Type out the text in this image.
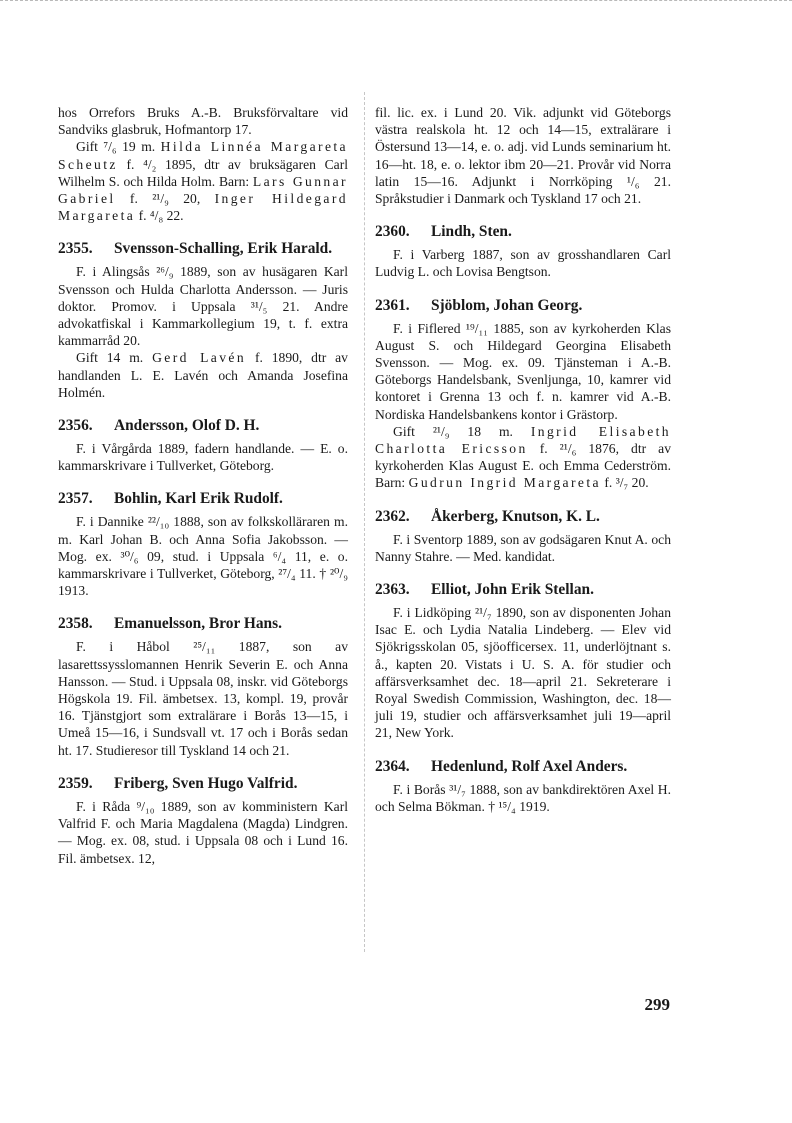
hos Orrefors Bruks A.-B. Bruksförvaltare vid Sandviks glasbruk, Hofmantorp 17.

Gift ⁷/₆ 19 m. Hilda Linnéa Margareta Scheutz f. ⁴/₂ 1895, dtr av bruksägaren Carl Wilhelm S. och Hilda Holm. Barn: Lars Gunnar Gabriel f. ²¹/₉ 20, Inger Hildegard Margareta f. ⁴/₈ 22.

2355.	Svensson-Schalling, Erik Harald.

F. i Alingsås ²⁶/₉ 1889, son av husägaren Karl Svensson och Hulda Charlotta Andersson. — Juris doktor. Promov. i Uppsala ³¹/₅ 21. Andre advokatfiskal i Kammarkollegium 19, t. f. extra kammarråd 20.

Gift 14 m. Gerd Lavén f. 1890, dtr av handlanden L. E. Lavén och Amanda Josefina Holmén.

2356.	Andersson, Olof D. H.

F. i Vårgårda 1889, fadern handlande. — E. o. kammarskrivare i Tullverket, Göteborg.

2357.	Bohlin, Karl Erik Rudolf.

F. i Dannike ²²/₁₀ 1888, son av folkskolläraren m. m. Karl Johan B. och Anna Sofia Jakobsson. — Mog. ex. ³⁰/₆ 09, stud. i Uppsala ⁶/₄ 11, e. o. kammarskrivare i Tullverket, Göteborg, ²⁷/₄ 11. † ²⁰/₉ 1913.

2358.	Emanuelsson, Bror Hans.

F. i Håbol ²⁵/₁₁ 1887, son av lasarettssysslomannen Henrik Severin E. och Anna Hansson. — Stud. i Uppsala 08, inskr. vid Göteborgs Högskola 19. Fil. ämbetsex. 13, kompl. 19, provår 16. Tjänstgjort som extralärare i Borås 13—15, i Umeå 15—16, i Sundsvall vt. 17 och i Borås sedan ht. 17. Studieresor till Tyskland 14 och 21.

2359.	Friberg, Sven Hugo Valfrid.

F. i Råda ⁹/₁₀ 1889, son av komministern Karl Valfrid F. och Maria Magdalena (Magda) Lindgren. — Mog. ex. 08, stud. i Uppsala 08 och i Lund 16. Fil. ämbetsex. 12,

fil. lic. ex. i Lund 20. Vik. adjunkt vid Göteborgs västra realskola ht. 12 och 14—15, extralärare i Östersund 13—14, e. o. adj. vid Lunds seminarium ht. 16—ht. 18, e. o. lektor ibm 20—21. Provår vid Norra latin 15—16. Adjunkt i Norrköping ¹/₆ 21. Språkstudier i Danmark och Tyskland 17 och 21.

2360.	Lindh, Sten.

F. i Varberg 1887, son av grosshandlaren Carl Ludvig L. och Lovisa Bengtson.

2361.	Sjöblom, Johan Georg.

F. i Fiflered ¹⁹/₁₁ 1885, son av kyrkoherden Klas August S. och Hildegard Georgina Elisabeth Svensson. — Mog. ex. 09. Tjänsteman i A.-B. Göteborgs Handelsbank, Svenljunga, 10, kamrer vid kontoret i Grenna 13 och f. n. kamrer vid A.-B. Nordiska Handelsbankens kontor i Grästorp.

Gift ²¹/₉ 18 m. Ingrid Elisabeth Charlotta Ericsson f. ²¹/₆ 1876, dtr av kyrkoherden Klas August E. och Emma Cederström. Barn: Gudrun Ingrid Margareta f. ³/₇ 20.

2362.	Åkerberg, Knutson, K. L.

F. i Sventorp 1889, son av godsägaren Knut A. och Nanny Stahre. — Med. kandidat.

2363.	Elliot, John Erik Stellan.

F. i Lidköping ²¹/₇ 1890, son av disponenten Johan Isac E. och Lydia Natalia Lindeberg. — Elev vid Sjökrigsskolan 05, sjöofficersex. 11, underlöjtnant s. å., kapten 20. Vistats i U. S. A. för studier och affärsverksamhet dec. 18—april 21. Sekreterare i Royal Swedish Commission, Washington, dec. 18—juli 19, studier och affärsverksamhet juli 19—april 21, New York.

2364.	Hedenlund, Rolf Axel Anders.

F. i Borås ³¹/₇ 1888, son av bankdirektören Axel H. och Selma Bökman. † ¹⁵/₄ 1919.

299
